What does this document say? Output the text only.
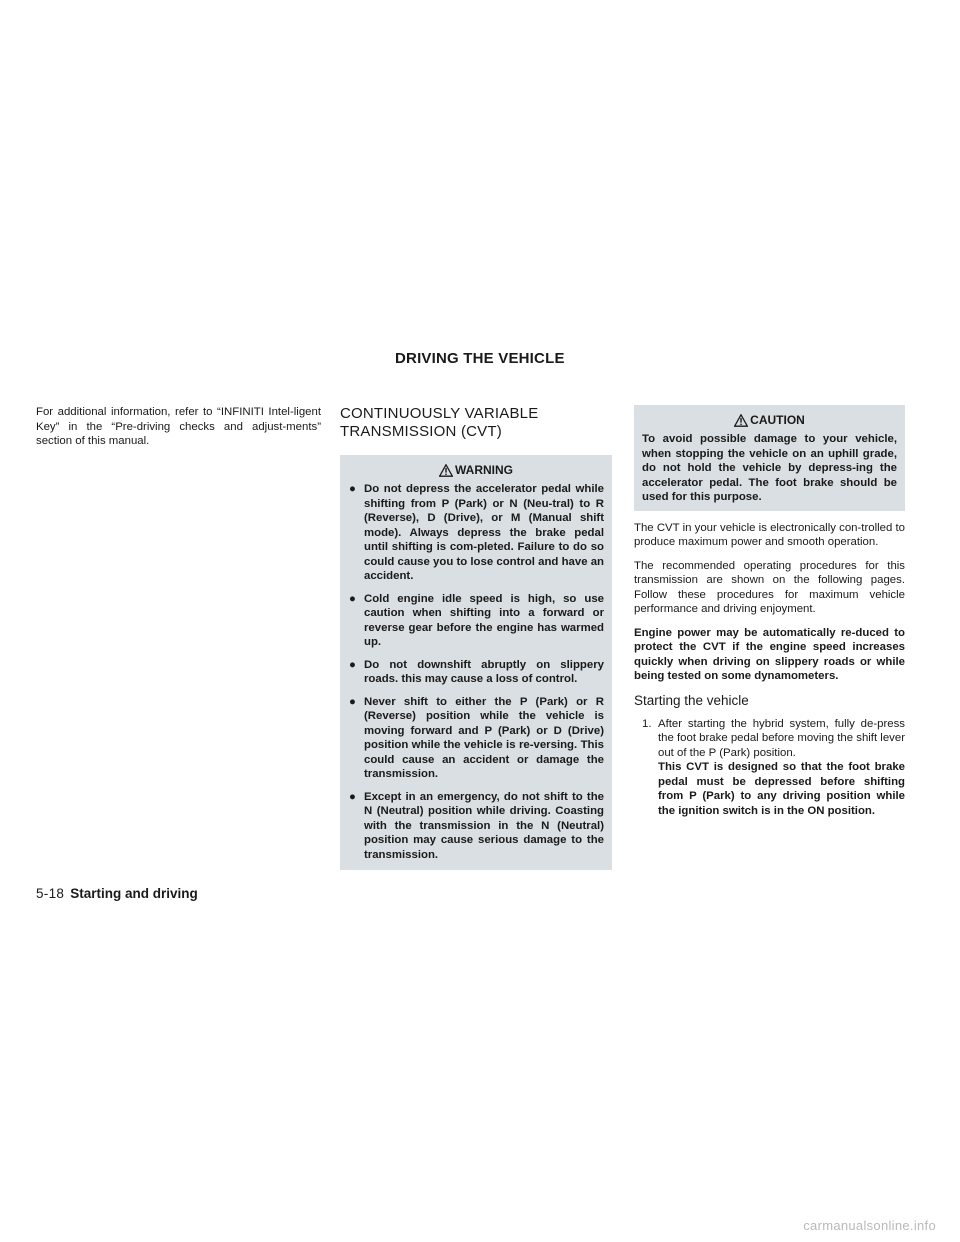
DRIVING THE VEHICLE

For additional information, refer to “INFINITI Intel-ligent Key” in the “Pre-driving checks and adjust-ments” section of this manual.

CONTINUOUSLY VARIABLE
TRANSMISSION (CVT)
WARNING
● Do not depress the accelerator pedal while shifting from P (Park) or N (Neu-tral) to R (Reverse), D (Drive), or M (Manual shift mode). Always depress the brake pedal until shifting is com-pleted. Failure to do so could cause you to lose control and have an accident.
● Cold engine idle speed is high, so use caution when shifting into a forward or reverse gear before the engine has warmed up.
● Do not downshift abruptly on slippery roads. this may cause a loss of control.
● Never shift to either the P (Park) or R (Reverse) position while the vehicle is moving forward and P (Park) or D (Drive) position while the vehicle is re-versing. This could cause an accident or damage the transmission.
● Except in an emergency, do not shift to the N (Neutral) position while driving. Coasting with the transmission in the N (Neutral) position may cause serious damage to the transmission.
CAUTION

To avoid possible damage to your vehicle, when stopping the vehicle on an uphill grade, do not hold the vehicle by depress-ing the accelerator pedal. The foot brake should be used for this purpose.

The CVT in your vehicle is electronically con-trolled to produce maximum power and smooth operation.

The recommended operating procedures for this transmission are shown on the following pages. Follow these procedures for maximum vehicle performance and driving enjoyment.

Engine power may be automatically re-duced to protect the CVT if the engine speed increases quickly when driving on slippery roads or while being tested on some dynamometers.

Starting the vehicle
1. After starting the hybrid system, fully de-press the foot brake pedal before moving the shift lever out of the P (Park) position.
This CVT is designed so that the foot brake pedal must be depressed before shifting from P (Park) to any driving position while the ignition switch is in the ON position.
5-18 Starting and driving
carmanualsonline.info
